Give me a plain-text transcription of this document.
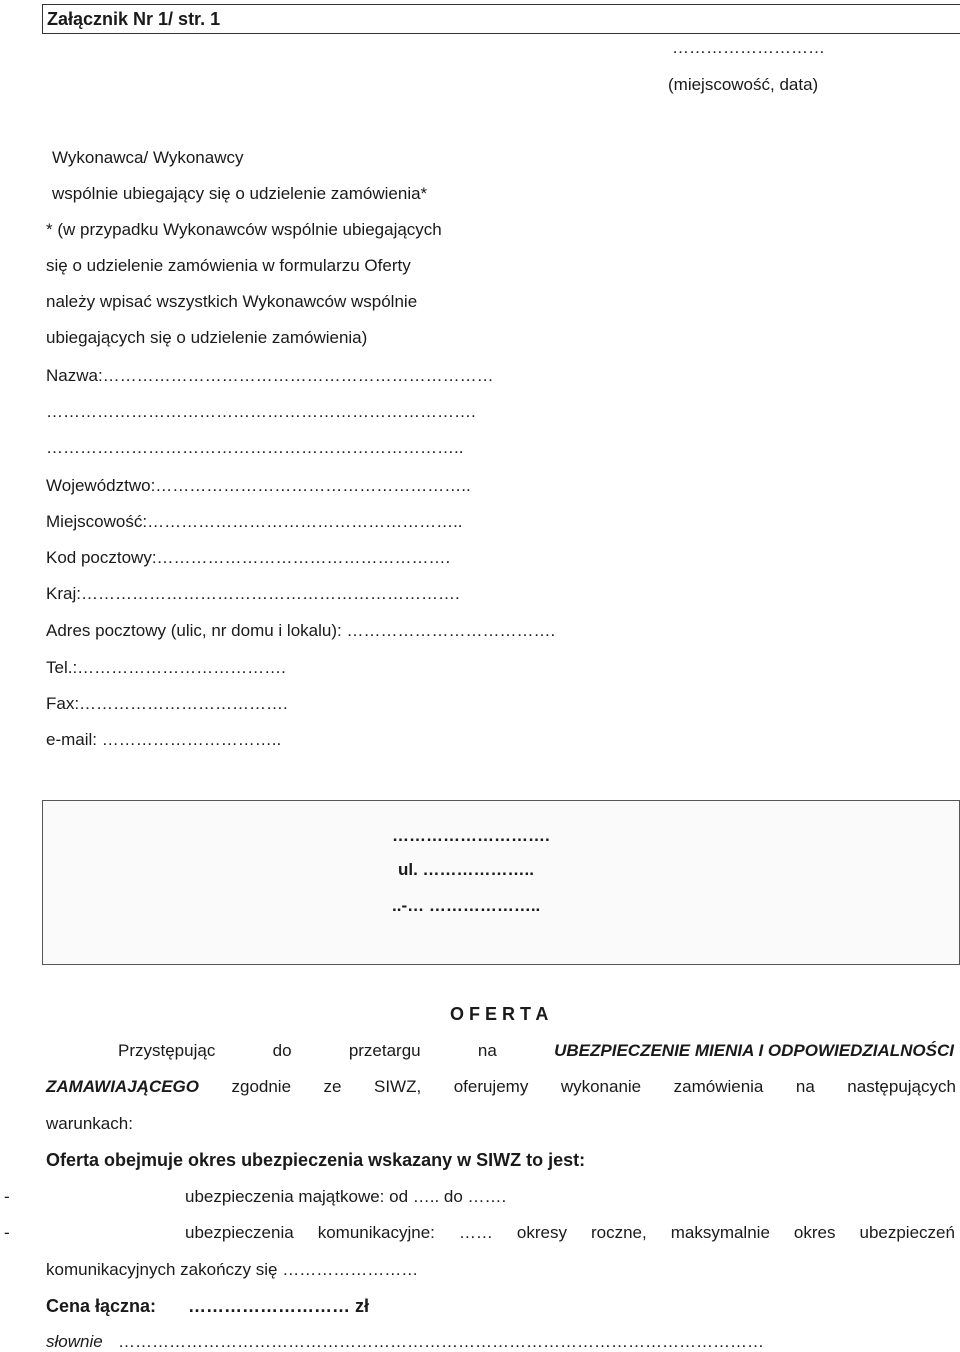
Załącznik Nr 1/ str. 1
………………………
(miejscowość, data)
Wykonawca/ Wykonawcy
wspólnie ubiegający się o udzielenie zamówienia*
* (w przypadku Wykonawców wspólnie ubiegających
się o udzielenie zamówienia w formularzu Oferty
należy wpisać wszystkich Wykonawców wspólnie
ubiegających się o udzielenie zamówienia)
Nazwa:……………………………………………………………
………………………………………………………………….
………………………………………………………………..
Województwo:………………………………………………..
Miejscowość:………………………………………………..
Kod pocztowy:…………………………………………….
Kraj:………………………………………………………….
Adres pocztowy (ulic, nr domu i lokalu): ……………………………….
Tel.:……………………………….
Fax:……………………………….
e-mail: …………………………..
……………………….
ul. ………………..
..-… ………………..
O F E R T A
Przystępując	do	przetargu	na	UBEZPIECZENIE MIENIA I ODPOWIEDZIALNOŚCI
ZAMAWIAJĄCEGO zgodnie ze SIWZ, oferujemy wykonanie zamówienia na następujących
warunkach:
Oferta obejmuje okres ubezpieczenia wskazany w SIWZ to jest:
-	ubezpieczenia majątkowe: od ….. do …….
-	ubezpieczenia komunikacyjne: …… okresy roczne, maksymalnie okres ubezpieczeń
komunikacyjnych zakończy się ……………………
Cena łączna: ……………………… zł
słownie ……………………………………………………………………………………………………
